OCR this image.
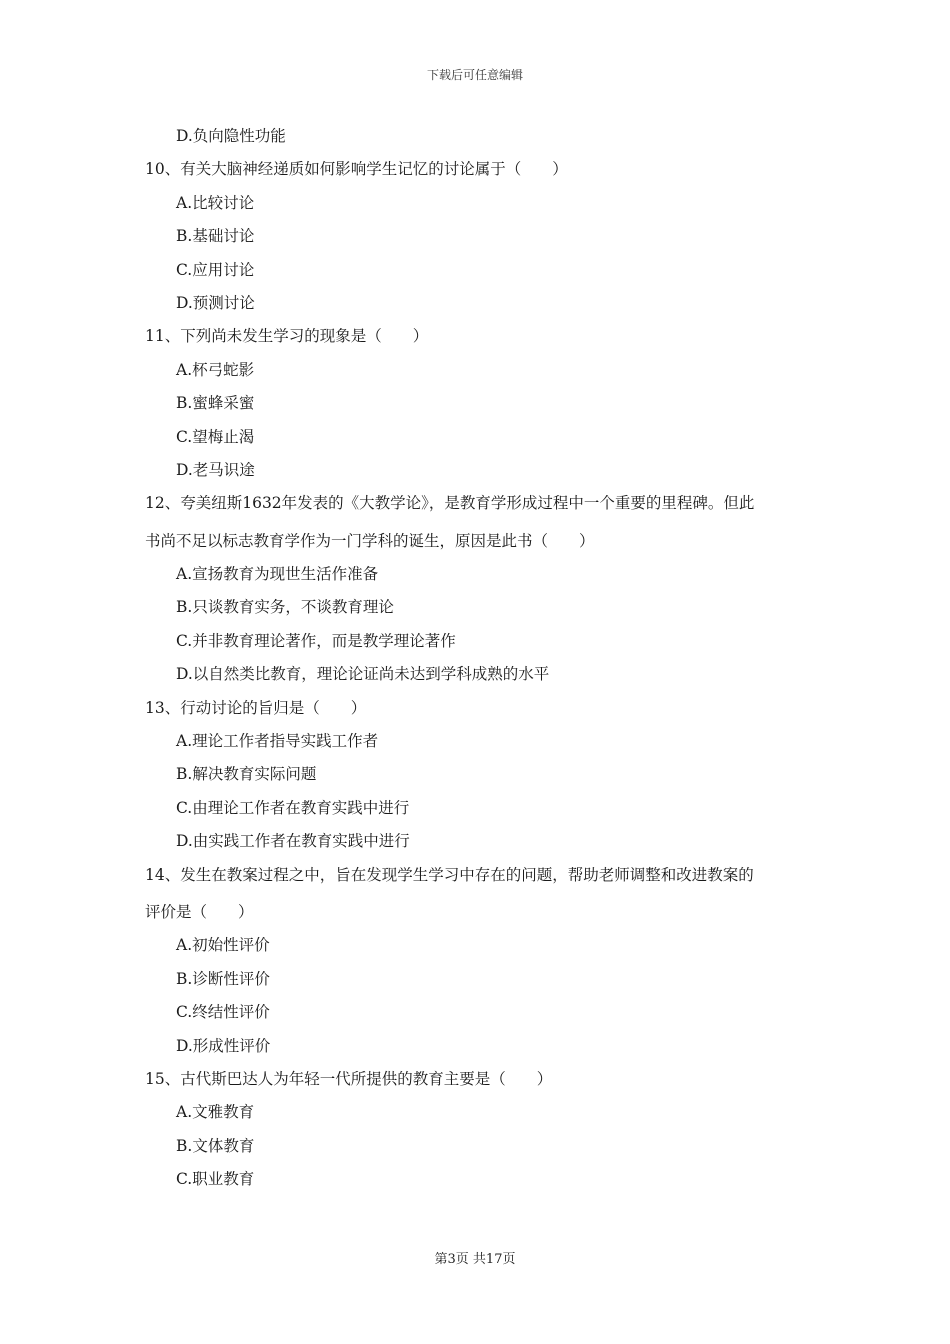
下载后可任意编辑
D.负向隐性功能
10、有关大脑神经递质如何影响学生记忆的讨论属于（　　）
A.比较讨论
B.基础讨论
C.应用讨论
D.预测讨论
11、下列尚未发生学习的现象是（　　）
A.杯弓蛇影
B.蜜蜂采蜜
C.望梅止渴
D.老马识途
12、夸美纽斯1632年发表的《大教学论》，是教育学形成过程中一个重要的里程碑。但此
书尚不足以标志教育学作为一门学科的诞生，原因是此书（　　）
A.宣扬教育为现世生活作准备
B.只谈教育实务，不谈教育理论
C.并非教育理论著作，而是教学理论著作
D.以自然类比教育，理论论证尚未达到学科成熟的水平
13、行动讨论的旨归是（　　）
A.理论工作者指导实践工作者
B.解决教育实际问题
C.由理论工作者在教育实践中进行
D.由实践工作者在教育实践中进行
14、发生在教案过程之中，旨在发现学生学习中存在的问题，帮助老师调整和改进教案的
评价是（　　）
A.初始性评价
B.诊断性评价
C.终结性评价
D.形成性评价
15、古代斯巴达人为年轻一代所提供的教育主要是（　　）
A.文雅教育
B.文体教育
C.职业教育
第3页 共17页
